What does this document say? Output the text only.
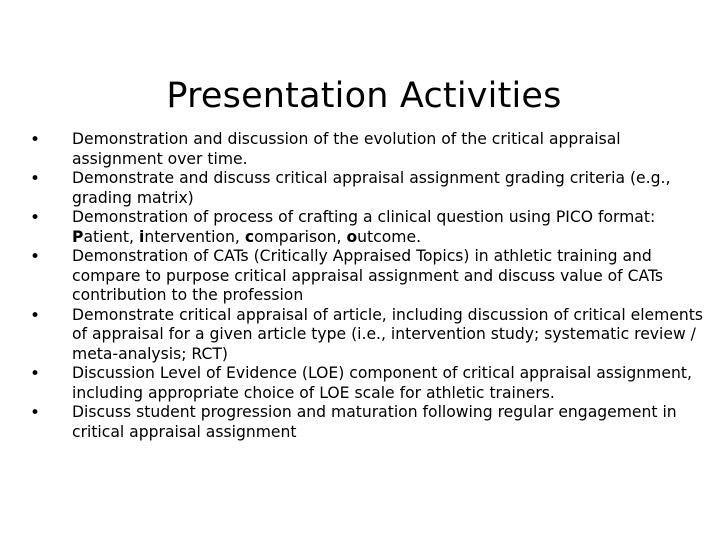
Presentation Activities
• Demonstration and discussion of the evolution of the critical appraisal assignment over time.
• Demonstrate and discuss critical appraisal assignment grading criteria (e.g., grading matrix)
• Demonstration of process of crafting a clinical question using PICO format: Patient, intervention, comparison, outcome.
• Demonstration of CATs (Critically Appraised Topics) in athletic training and compare to purpose critical appraisal assignment and discuss value of CATs contribution to the profession
• Demonstrate critical appraisal of article, including discussion of critical elements of appraisal for a given article type (i.e., intervention study; systematic review / meta-analysis; RCT)
• Discussion Level of Evidence (LOE) component of critical appraisal assignment, including appropriate choice of LOE scale for athletic trainers.
• Discuss student progression and maturation following regular engagement in critical appraisal assignment
